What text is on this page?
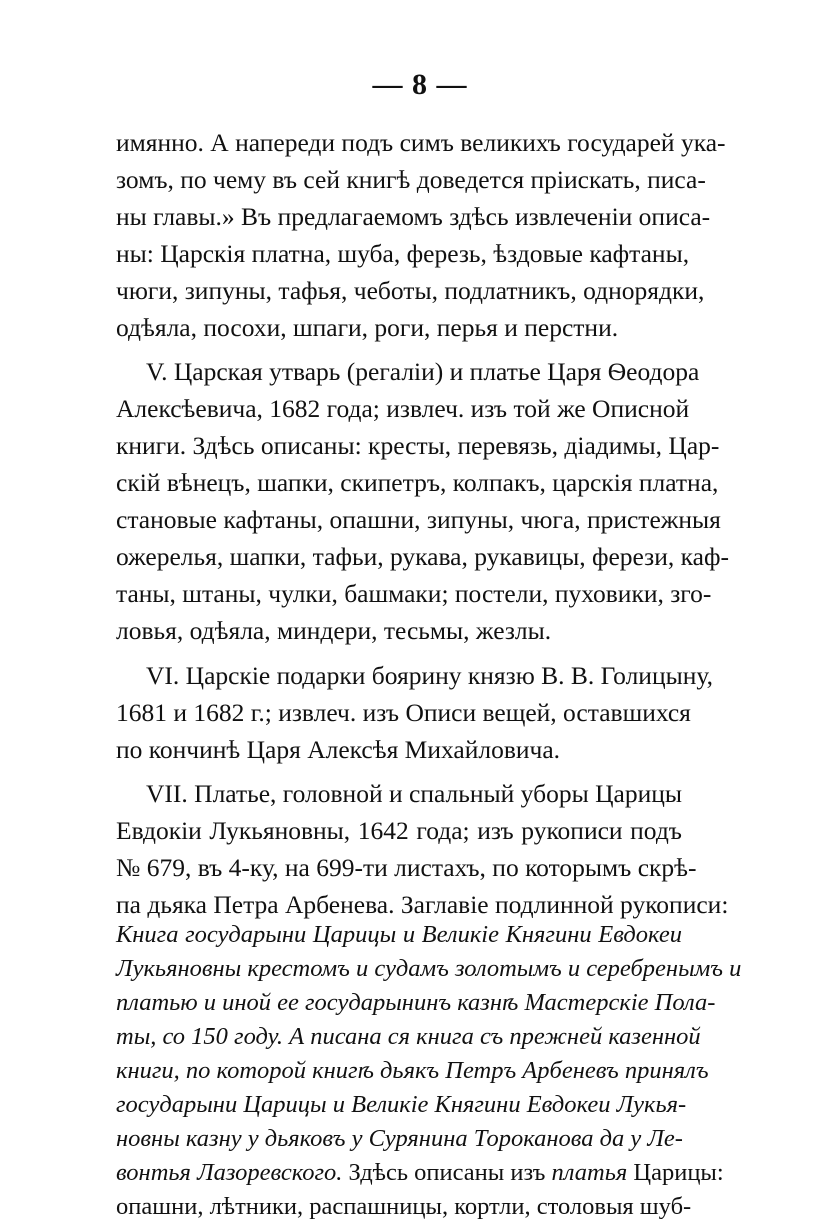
— 8 —
имянно. А напереди подъ симъ великихъ государей ука-
зомъ, по чему въ сей книгѣ доведется пріискать, писа-
ны главы.» Въ предлагаемомъ здѣсь извлеченіи описа-
ны: Царскія платна, шуба, ферезь, ѣздовые кафтаны,
чюги, зипуны, тафья, чеботы, подлатникъ, однорядки,
одѣяла, посохи, шпаги, роги, перья и перстни.
V. Царская утварь (регаліи) и платье Царя Ѳеодора
Алексѣевича, 1682 года; извлеч. изъ той же Описной
книги. Здѣсь описаны: кресты, перевязь, діадимы, Цар-
скій вѣнецъ, шапки, скипетръ, колпакъ, царскія платна,
становые кафтаны, опашни, зипуны, чюга, пристежныя
ожерелья, шапки, тафьи, рукава, рукавицы, ферези, каф-
таны, штаны, чулки, башмаки; постели, пуховики, зго-
ловья, одѣяла, миндери, тесьмы, жезлы.
VI. Царскіе подарки боярину князю В. В. Голицыну,
1681 и 1682 г.; извлеч. изъ Описи вещей, оставшихся
по кончинѣ Царя Алексѣя Михайловича.
VII. Платье, головной и спальный уборы Царицы
Евдокіи Лукьяновны, 1642 года; изъ рукописи подъ
№ 679, въ 4-ку, на 699-ти листахъ, по которымъ скрѣ-
па дьяка Петра Арбенева. Заглавіе подлинной рукописи:
Книга государыни Царицы и Великіе Княгини Евдокеи
Лукьяновны крестомъ и судамъ золотымъ и серебренымъ и
платью и иной ее государынинъ казнѣ Мастерскіе Пола-
ты, со 150 году. А писана ся книга съ прежней казенной
книги, по которой книгѣ дьякъ Петръ Арбеневъ принялъ
государыни Царицы и Великіе Княгини Евдокеи Лукья-
новны казну у дьяковъ у Сурянина Тороканова да у Ле-
вонтья Лазоревского. Здѣсь описаны изъ платья Царицы:
опашни, лѣтники, распашницы, кортли, столовыя шуб-
